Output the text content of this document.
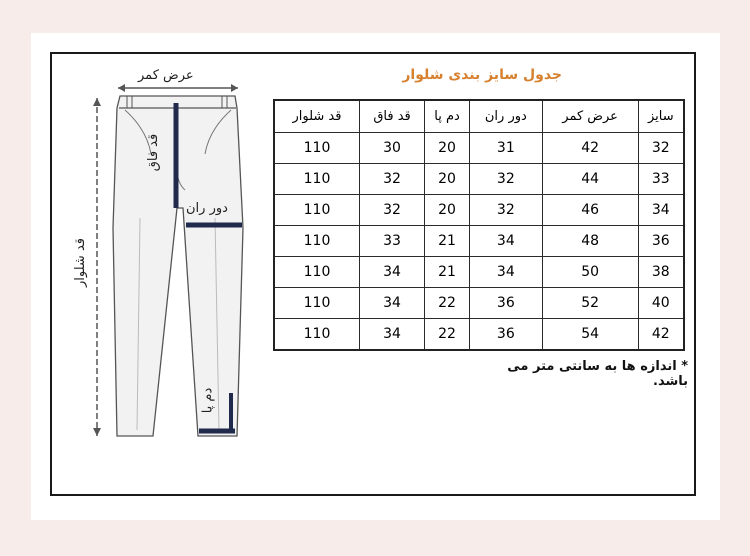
عرض کمر
قد فاق
دور ران
قد شلوار
دم پا
جدول سایز بندی شلوار
سایز	عرض کمر	دور ران	دم پا	قد فاق	قد شلوار
32	42	31	20	30	110
33	44	32	20	32	110
34	46	32	20	32	110
36	48	34	21	33	110
38	50	34	21	34	110
40	52	36	22	34	110
42	54	36	22	34	110
* اندازه ها به سانتی متر می باشد.
